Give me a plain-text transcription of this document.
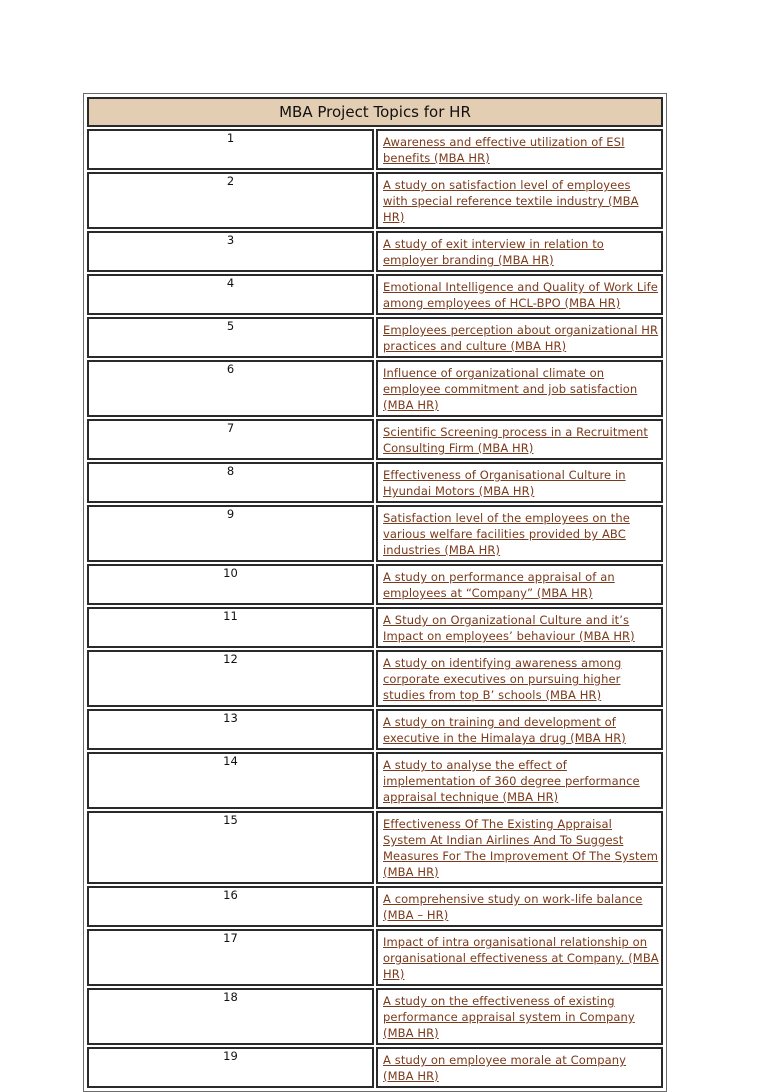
MBA Project Topics for HR	
1	Awareness and effective utilization of ESI benefits (MBA HR)
2	A study on satisfaction level of employees with special reference textile industry (MBA HR)
3	A study of exit interview in relation to employer branding (MBA HR)
4	Emotional Intelligence and Quality of Work Life among employees of HCL-BPO (MBA HR)
5	Employees perception about organizational HR practices and culture (MBA HR)
6	Influence of organizational climate on employee commitment and job satisfaction (MBA HR)
7	Scientific Screening process in a Recruitment Consulting Firm (MBA HR)
8	Effectiveness of Organisational Culture in Hyundai Motors (MBA HR)
9	Satisfaction level of the employees on the various welfare facilities provided by ABC industries (MBA HR)
10	A study on performance appraisal of an employees at “Company” (MBA HR)
11	A Study on Organizational Culture and it’s Impact on employees’ behaviour (MBA HR)
12	A study on identifying awareness among corporate executives on pursuing higher studies from top B’ schools (MBA HR)
13	A study on training and development of executive in the Himalaya drug (MBA HR)
14	A study to analyse the effect of implementation of 360 degree performance appraisal technique (MBA HR)
15	Effectiveness Of The Existing Appraisal System At Indian Airlines And To Suggest Measures For The Improvement Of The System (MBA HR)
16	A comprehensive study on work-life balance (MBA – HR)
17	Impact of intra organisational relationship on organisational effectiveness at Company. (MBA HR)
18	A study on the effectiveness of existing performance appraisal system in Company (MBA HR)
19	A study on employee morale at Company (MBA HR)
